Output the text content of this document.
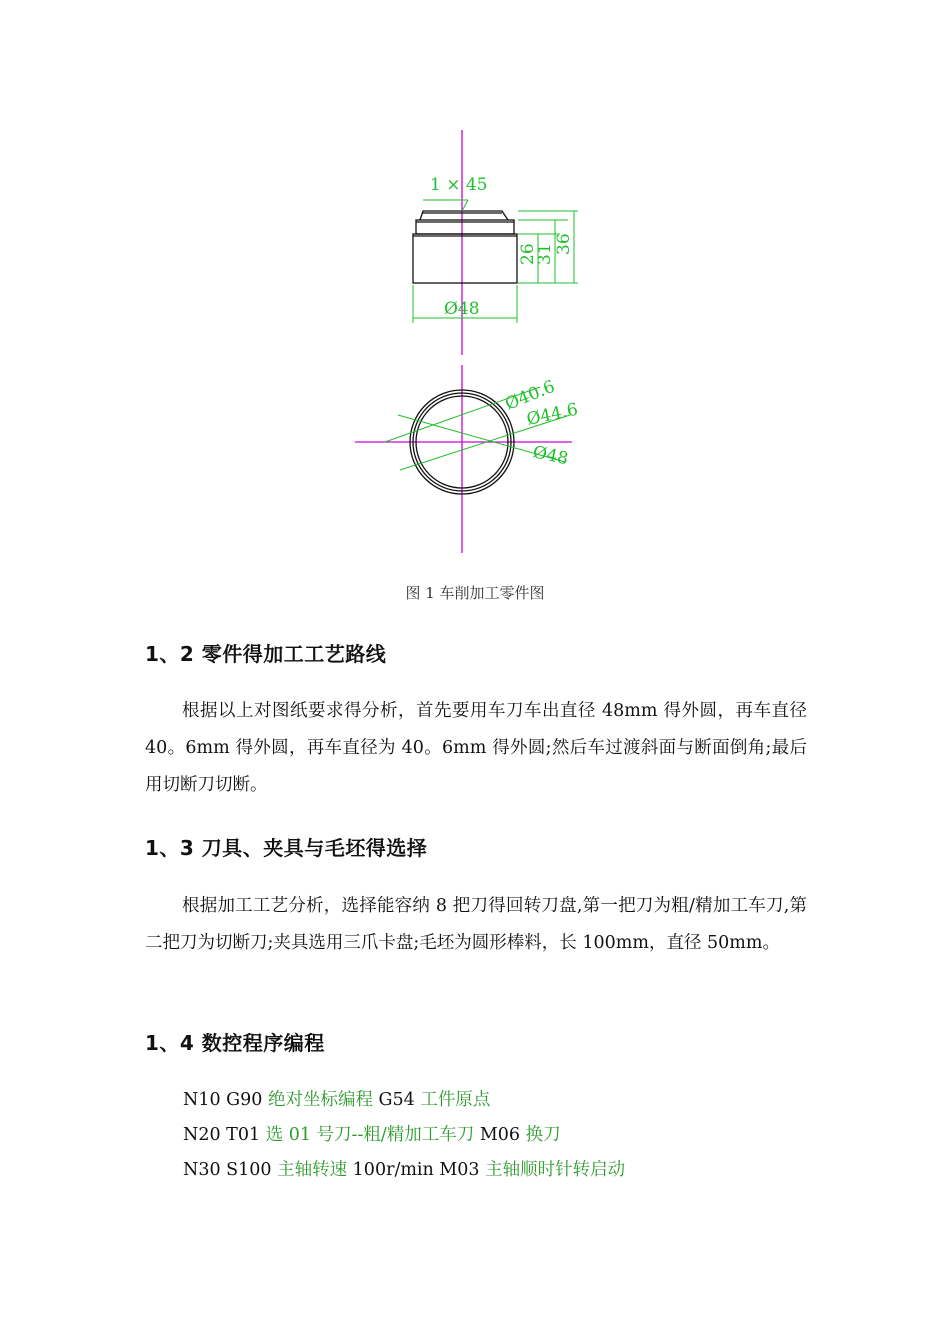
1 × 45
26
31 36
Ø48
Ø40.6
Ø44.6
Ø48
图 1 车削加工零件图
1、2 零件得加工工艺路线
根据以上对图纸要求得分析，首先要用车刀车出直径 48mm 得外圆，再车直径 40。6mm 得外圆，再车直径为 40。6mm 得外圆;然后车过渡斜面与断面倒角;最后用切断刀切断。
1、3 刀具、夹具与毛坯得选择
根据加工工艺分析，选择能容纳 8 把刀得回转刀盘,第一把刀为粗/精加工车刀,第二把刀为切断刀;夹具选用三爪卡盘;毛坯为圆形棒料，长 100mm，直径 50mm。
1、4 数控程序编程
N10 G90 绝对坐标编程 G54 工件原点
N20 T01 选 01 号刀--粗/精加工车刀 M06 换刀
N30 S100 主轴转速 100r/min M03 主轴顺时针转启动
